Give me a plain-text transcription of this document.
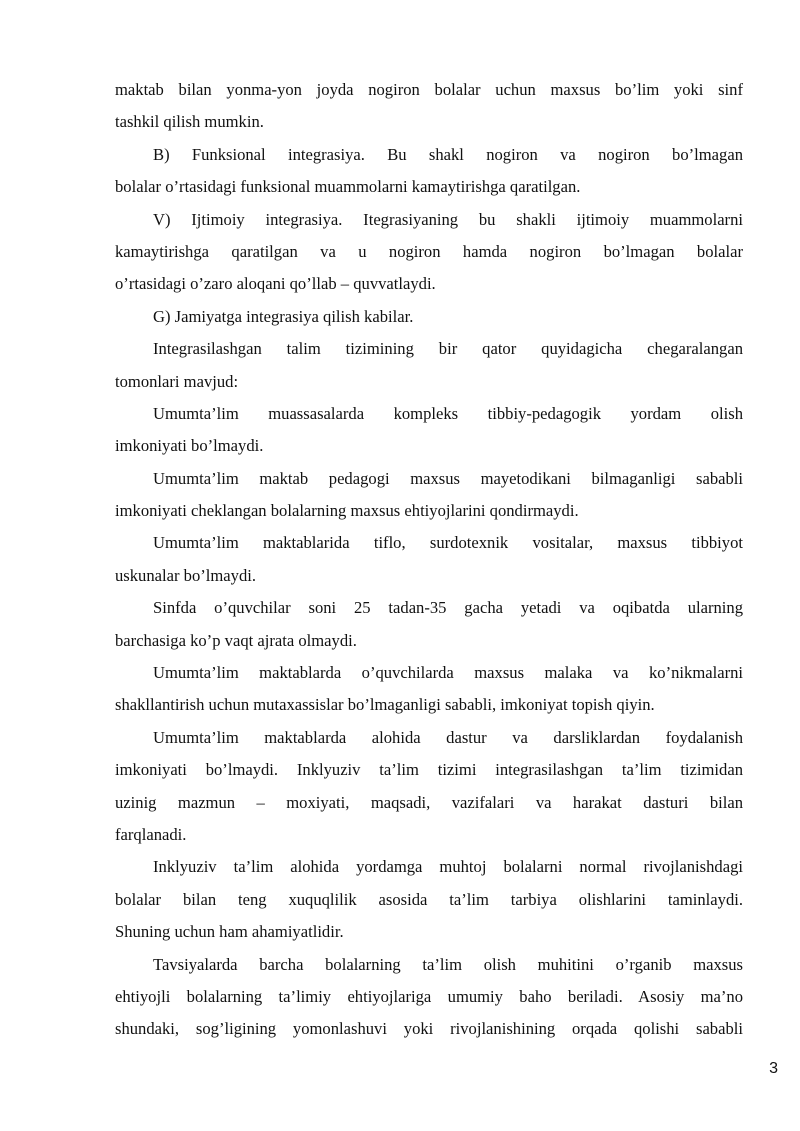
maktab bilan yonma-yon joyda nogiron bolalar uchun maxsus bo’lim yoki sinf
tashkil qilish mumkin.
B) Funksional integrasiya. Bu shakl nogiron va nogiron bo’lmagan
bolalar o’rtasidagi funksional muammolarni kamaytirishga qaratilgan.
V) Ijtimoiy integrasiya. Itegrasiyaning bu shakli ijtimoiy muammolarni
kamaytirishga qaratilgan va u nogiron hamda nogiron bo’lmagan bolalar
o’rtasidagi o’zaro aloqani qo’llab – quvvatlaydi.
G) Jamiyatga integrasiya qilish kabilar.
Integrasilashgan talim tizimining bir qator quyidagicha chegaralangan
tomonlari mavjud:
Umumta’lim muassasalarda kompleks tibbiy-pedagogik yordam olish
imkoniyati bo’lmaydi.
Umumta’lim maktab pedagogi maxsus mayetodikani bilmaganligi sababli
imkoniyati cheklangan bolalarning maxsus ehtiyojlarini qondirmaydi.
Umumta’lim maktablarida tiflo, surdotexnik vositalar, maxsus tibbiyot
uskunalar bo’lmaydi.
Sinfda o’quvchilar soni 25 tadan-35 gacha yetadi va oqibatda ularning
barchasiga ko’p vaqt ajrata olmaydi.
Umumta’lim maktablarda o’quvchilarda maxsus malaka va ko’nikmalarni
shakllantirish uchun mutaxassislar bo’lmaganligi sababli, imkoniyat topish qiyin.
Umumta’lim maktablarda alohida dastur va darsliklardan foydalanish
imkoniyati bo’lmaydi. Inklyuziv ta’lim tizimi integrasilashgan ta’lim tizimidan
uzinig mazmun – moxiyati, maqsadi, vazifalari va harakat dasturi bilan
farqlanadi.
Inklyuziv ta’lim alohida yordamga muhtoj bolalarni normal rivojlanishdagi
bolalar bilan teng xuquqlilik asosida ta’lim tarbiya olishlarini taminlaydi.
Shuning uchun ham ahamiyatlidir.
Tavsiyalarda barcha bolalarning ta’lim olish muhitini o’rganib maxsus
ehtiyojli bolalarning ta’limiy ehtiyojlariga umumiy baho beriladi. Asosiy ma’no
shundaki, sog’ligining yomonlashuvi yoki rivojlanishining orqada qolishi sababli
3
